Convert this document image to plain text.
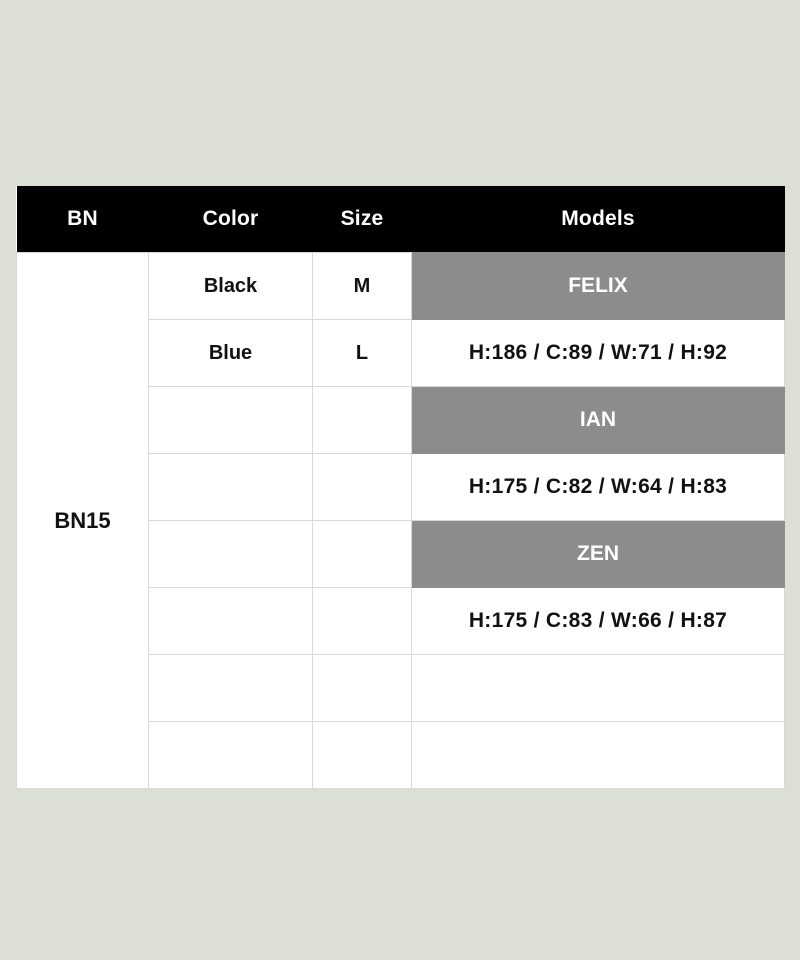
BN	Color	Size	Models
BN15	Black	M	FELIX
	Blue	L	H:186 / C:89 / W:71 / H:92
			IAN
			H:175 / C:82 / W:64 / H:83
			ZEN
			H:175 / C:83 / W:66 / H:87
